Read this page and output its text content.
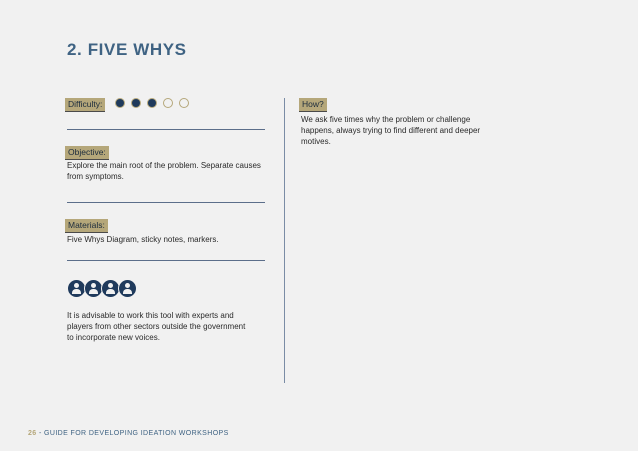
2. FIVE WHYS
Difficulty:
Objective:
Explore the main root of the problem. Separate causes from symptoms.
Materials:
Five Whys Diagram, sticky notes, markers.
It is advisable to work this tool with experts and players from other sectors outside the government to incorporate new voices.
How?
We ask five times why the problem or challenge happens, always trying to find different and deeper motives.
26 - GUIDE FOR DEVELOPING IDEATION WORKSHOPS
